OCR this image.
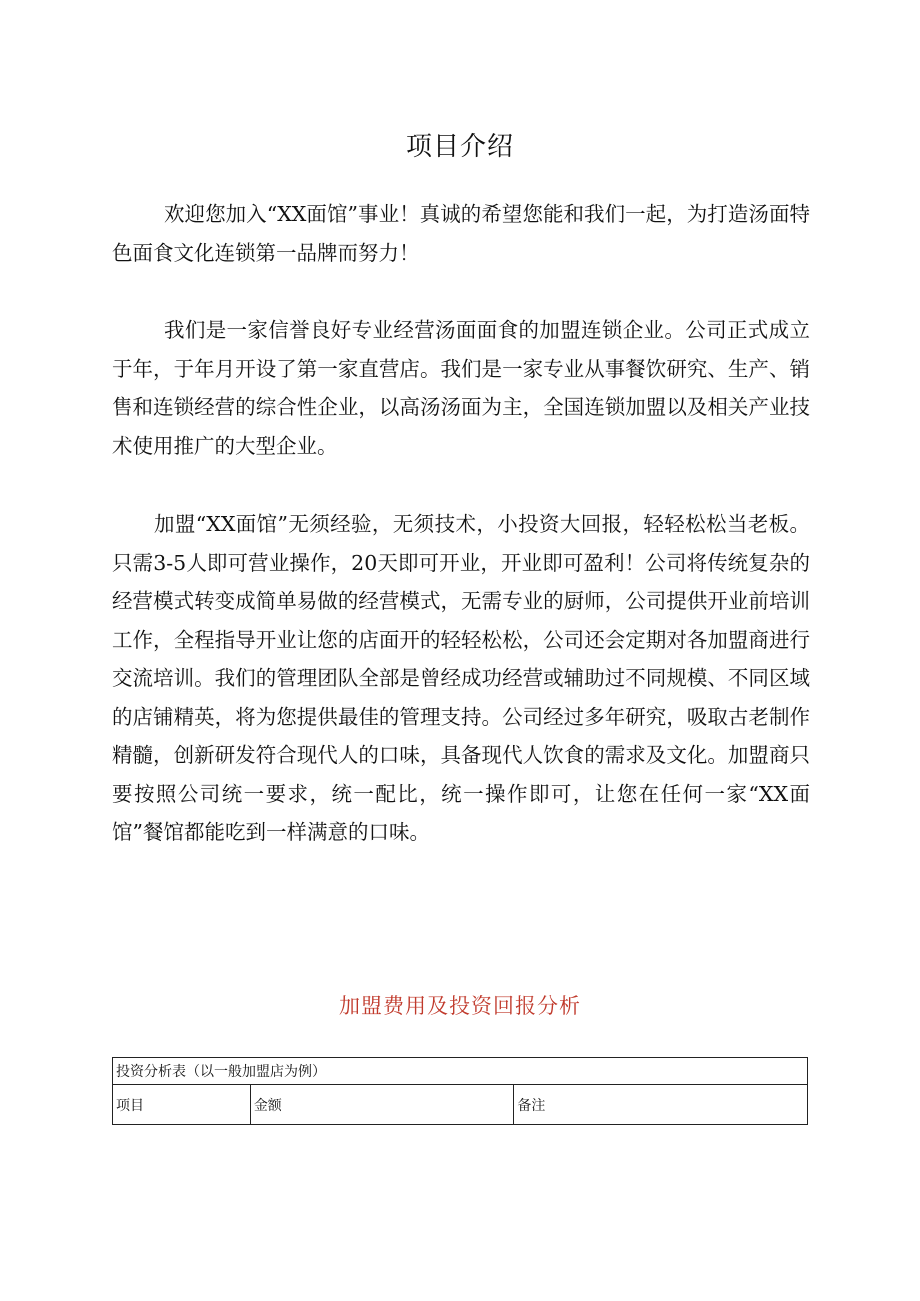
项目介绍

欢迎您加入“XX面馆”事业！真诚的希望您能和我们一起，为打造汤面特色面食文化连锁第一品牌而努力！

我们是一家信誉良好专业经营汤面面食的加盟连锁企业。公司正式成立于年，于年月开设了第一家直营店。我们是一家专业从事餐饮研究、生产、销售和连锁经营的综合性企业，以高汤汤面为主，全国连锁加盟以及相关产业技术使用推广的大型企业。

加盟“XX面馆”无须经验，无须技术，小投资大回报，轻轻松松当老板。只需3-5人即可营业操作，20天即可开业，开业即可盈利！公司将传统复杂的经营模式转变成简单易做的经营模式，无需专业的厨师，公司提供开业前培训工作，全程指导开业让您的店面开的轻轻松松，公司还会定期对各加盟商进行交流培训。我们的管理团队全部是曾经成功经营或辅助过不同规模、不同区域的店铺精英，将为您提供最佳的管理支持。公司经过多年研究，吸取古老制作精髓，创新研发符合现代人的口味，具备现代人饮食的需求及文化。加盟商只要按照公司统一要求，统一配比，统一操作即可，让您在任何一家“XX面馆”餐馆都能吃到一样满意的口味。

加盟费用及投资回报分析
投资分析表（以一般加盟店为例）
项目	金额	备注
